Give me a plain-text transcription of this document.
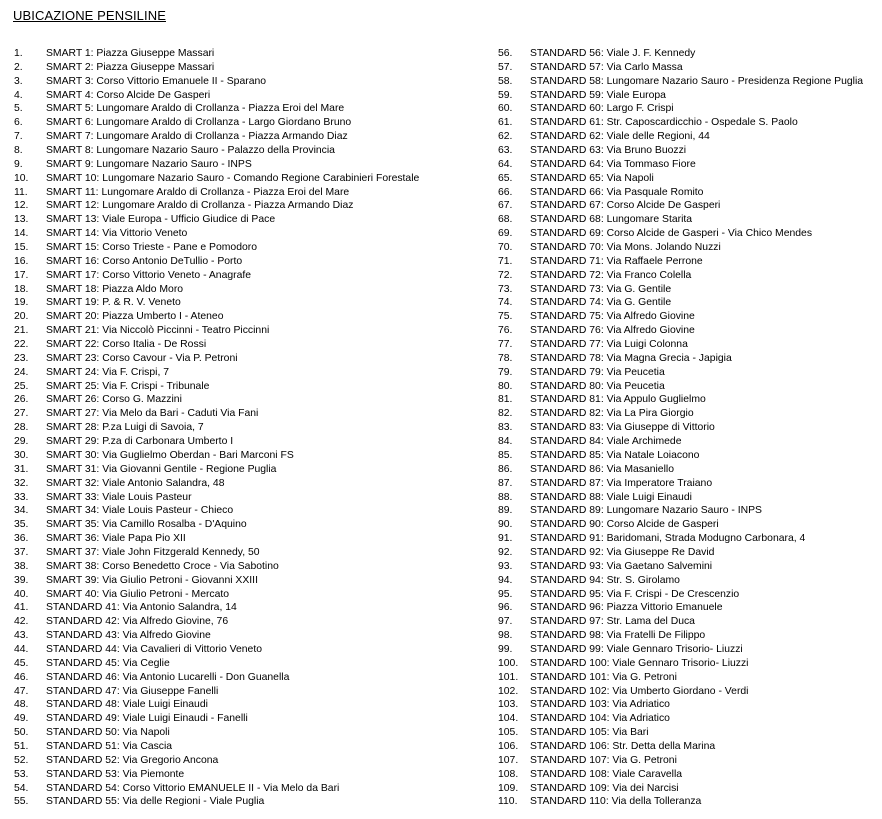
UBICAZIONE PENSILINE
1. SMART 1: Piazza Giuseppe Massari
2. SMART 2: Piazza Giuseppe Massari
3. SMART 3: Corso Vittorio Emanuele II - Sparano
4. SMART 4: Corso Alcide De Gasperi
5. SMART 5: Lungomare Araldo di Crollanza - Piazza Eroi del Mare
6. SMART 6: Lungomare Araldo di Crollanza - Largo Giordano Bruno
7. SMART 7: Lungomare Araldo di Crollanza - Piazza Armando Diaz
8. SMART 8: Lungomare Nazario Sauro - Palazzo della Provincia
9. SMART 9: Lungomare Nazario Sauro - INPS
10. SMART 10: Lungomare Nazario Sauro - Comando Regione Carabinieri Forestale
11. SMART 11: Lungomare Araldo di Crollanza - Piazza Eroi del Mare
12. SMART 12: Lungomare Araldo di Crollanza - Piazza Armando Diaz
13. SMART 13: Viale Europa - Ufficio Giudice di Pace
14. SMART 14: Via Vittorio Veneto
15. SMART 15: Corso Trieste - Pane e Pomodoro
16. SMART 16: Corso Antonio DeTullio - Porto
17. SMART 17: Corso Vittorio Veneto - Anagrafe
18. SMART 18: Piazza Aldo Moro
19. SMART 19: P. & R. V. Veneto
20. SMART 20: Piazza Umberto I - Ateneo
21. SMART 21: Via Niccolò Piccinni - Teatro Piccinni
22. SMART 22: Corso Italia - De Rossi
23. SMART 23: Corso Cavour - Via P. Petroni
24. SMART 24: Via F. Crispi, 7
25. SMART 25: Via F. Crispi - Tribunale
26. SMART 26: Corso G. Mazzini
27. SMART 27: Via Melo da Bari - Caduti Via Fani
28. SMART 28: P.za Luigi di Savoia, 7
29. SMART 29: P.za di Carbonara Umberto I
30. SMART 30: Via Guglielmo Oberdan - Bari Marconi FS
31. SMART 31: Via Giovanni Gentile - Regione Puglia
32. SMART 32: Viale Antonio Salandra, 48
33. SMART 33: Viale Louis Pasteur
34. SMART 34: Viale Louis Pasteur - Chieco
35. SMART 35: Via Camillo Rosalba - D'Aquino
36. SMART 36: Viale Papa Pio XII
37. SMART 37: Viale John Fitzgerald Kennedy, 50
38. SMART 38: Corso Benedetto Croce - Via Sabotino
39. SMART 39: Via Giulio Petroni - Giovanni XXIII
40. SMART 40: Via Giulio Petroni - Mercato
41. STANDARD 41: Via Antonio Salandra, 14
42. STANDARD 42: Via Alfredo Giovine, 76
43. STANDARD 43: Via Alfredo Giovine
44. STANDARD 44: Via Cavalieri di Vittorio Veneto
45. STANDARD 45: Via Ceglie
46. STANDARD 46: Via Antonio Lucarelli - Don Guanella
47. STANDARD 47: Via Giuseppe Fanelli
48. STANDARD 48: Viale Luigi Einaudi
49. STANDARD 49: Viale Luigi Einaudi - Fanelli
50. STANDARD 50: Via Napoli
51. STANDARD 51: Via Cascia
52. STANDARD 52: Via Gregorio Ancona
53. STANDARD 53: Via Piemonte
54. STANDARD 54: Corso Vittorio EMANUELE II - Via Melo da Bari
55. STANDARD 55: Via delle Regioni - Viale Puglia
56. STANDARD 56: Viale J. F. Kennedy
57. STANDARD 57: Via Carlo Massa
58. STANDARD 58: Lungomare Nazario Sauro - Presidenza Regione Puglia
59. STANDARD 59: Viale Europa
60. STANDARD 60: Largo F. Crispi
61. STANDARD 61: Str. Caposcardicchio - Ospedale S. Paolo
62. STANDARD 62: Viale delle Regioni, 44
63. STANDARD 63: Via Bruno Buozzi
64. STANDARD 64: Via Tommaso Fiore
65. STANDARD 65: Via Napoli
66. STANDARD 66: Via Pasquale Romito
67. STANDARD 67: Corso Alcide De Gasperi
68. STANDARD 68: Lungomare Starita
69. STANDARD 69: Corso Alcide de Gasperi - Via Chico Mendes
70. STANDARD 70: Via Mons. Jolando Nuzzi
71. STANDARD 71: Via Raffaele Perrone
72. STANDARD 72: Via Franco Colella
73. STANDARD 73: Via G. Gentile
74. STANDARD 74: Via G. Gentile
75. STANDARD 75: Via Alfredo Giovine
76. STANDARD 76: Via Alfredo Giovine
77. STANDARD 77: Via Luigi Colonna
78. STANDARD 78: Via Magna Grecia - Japigia
79. STANDARD 79: Via Peucetia
80. STANDARD 80: Via Peucetia
81. STANDARD 81: Via Appulo Guglielmo
82. STANDARD 82: Via La Pira Giorgio
83. STANDARD 83: Via Giuseppe di Vittorio
84. STANDARD 84: Viale Archimede
85. STANDARD 85: Via Natale Loiacono
86. STANDARD 86: Via Masaniello
87. STANDARD 87: Via Imperatore Traiano
88. STANDARD 88: Viale Luigi Einaudi
89. STANDARD 89: Lungomare Nazario Sauro - INPS
90. STANDARD 90: Corso Alcide de Gasperi
91. STANDARD 91: Baridomani, Strada Modugno Carbonara, 4
92. STANDARD 92: Via Giuseppe Re David
93. STANDARD 93: Via Gaetano Salvemini
94. STANDARD 94: Str. S. Girolamo
95. STANDARD 95: Via F. Crispi - De Crescenzio
96. STANDARD 96: Piazza Vittorio Emanuele
97. STANDARD 97: Str. Lama del Duca
98. STANDARD 98: Via Fratelli De Filippo
99. STANDARD 99: Viale Gennaro Trisorio- Liuzzi
100. STANDARD 100: Viale Gennaro Trisorio- Liuzzi
101. STANDARD 101: Via G. Petroni
102. STANDARD 102: Via Umberto Giordano - Verdi
103. STANDARD 103: Via Adriatico
104. STANDARD 104: Via Adriatico
105. STANDARD 105: Via Bari
106. STANDARD 106: Str. Detta della Marina
107. STANDARD 107: Via G. Petroni
108. STANDARD 108: Viale Caravella
109. STANDARD 109: Via dei Narcisi
110. STANDARD 110: Via della Tolleranza
